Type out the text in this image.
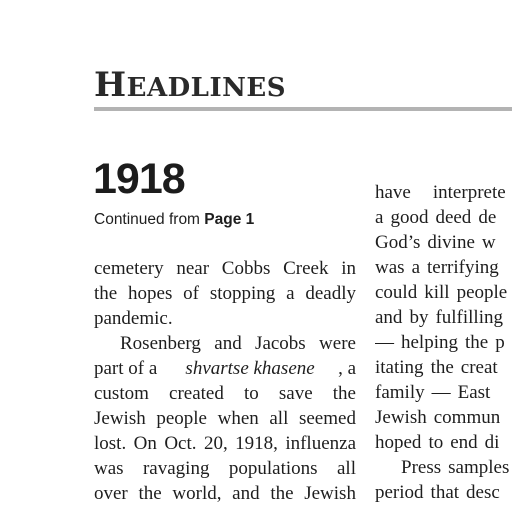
HEADLINES
1918
Continued from Page 1
cemetery near Cobbs Creek in
the hopes of stopping a deadly
pandemic.
Rosenberg and Jacobs were
part of a shvartse khasene , a
custom created to save the
Jewish people when all seemed
lost. On Oct. 20, 1918, influenza
was ravaging populations all
over the world, and the Jewish
have interprete
a good deed de
God’s divine w
was a terrifying
could kill people
and by fulfilling
— helping the p
itating the creat
family — East
Jewish commun
hoped to end di
Press samples
period that desc
